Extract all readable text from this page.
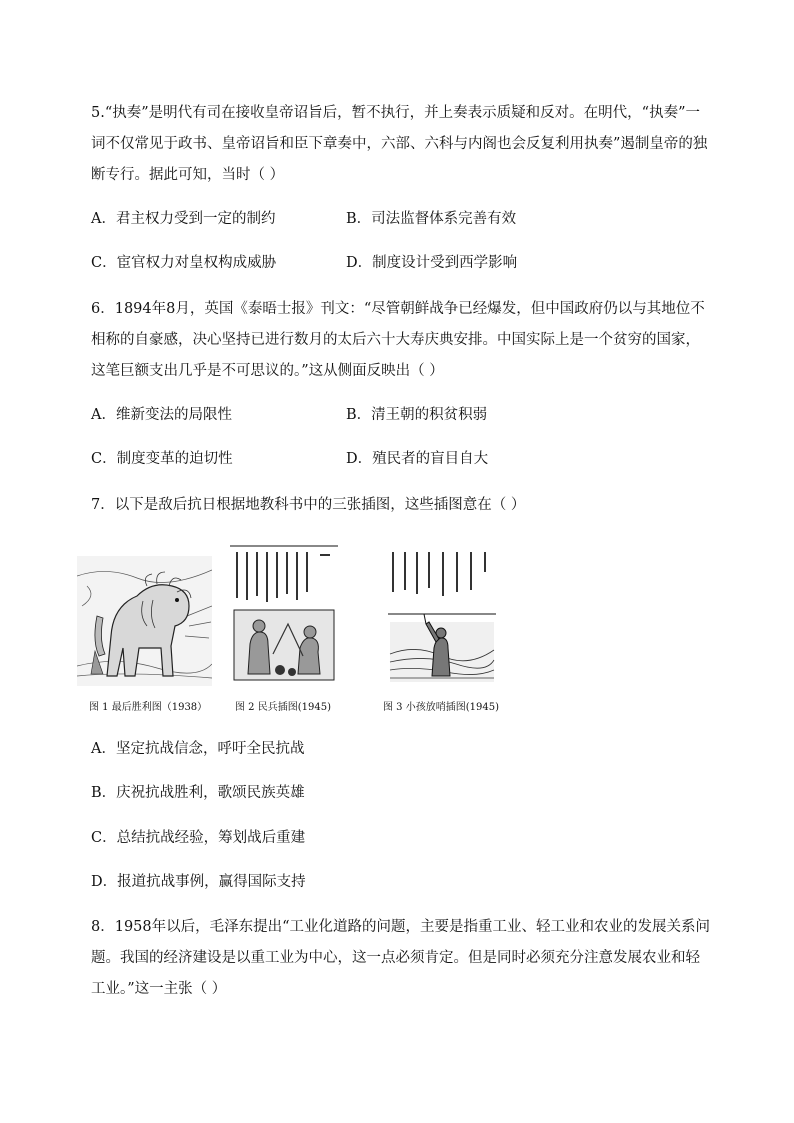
5.“执奏”是明代有司在接收皇帝诏旨后，暂不执行，并上奏表示质疑和反对。在明代，“执奏”一词不仅常见于政书、皇帝诏旨和臣下章奏中，六部、六科与内阁也会反复利用执奏”遏制皇帝的独断专行。据此可知，当时（ ）
A．君主权力受到一定的制约	B．司法监督体系完善有效
C．宦官权力对皇权构成威胁	D．制度设计受到西学影响
6．1894年8月，英国《泰晤士报》刊文：“尽管朝鲜战争已经爆发，但中国政府仍以与其地位不相称的自豪感，决心坚持已进行数月的太后六十大寿庆典安排。中国实际上是一个贫穷的国家，这笔巨额支出几乎是不可思议的。”这从侧面反映出（ ）
A．维新变法的局限性	B．清王朝的积贫积弱
C．制度变革的迫切性	D．殖民者的盲目自大
7．以下是敌后抗日根据地教科书中的三张插图，这些插图意在（ ）
图 1 最后胜利图（1938）	图 2 民兵插图(1945)	图 3 小孩放哨插图(1945)
A．坚定抗战信念，呼吁全民抗战
B．庆祝抗战胜利，歌颂民族英雄
C．总结抗战经验，筹划战后重建
D．报道抗战事例，赢得国际支持
8．1958年以后，毛泽东提出“工业化道路的问题，主要是指重工业、轻工业和农业的发展关系问题。我国的经济建设是以重工业为中心，这一点必须肯定。但是同时必须充分注意发展农业和轻工业。”这一主张（ ）
